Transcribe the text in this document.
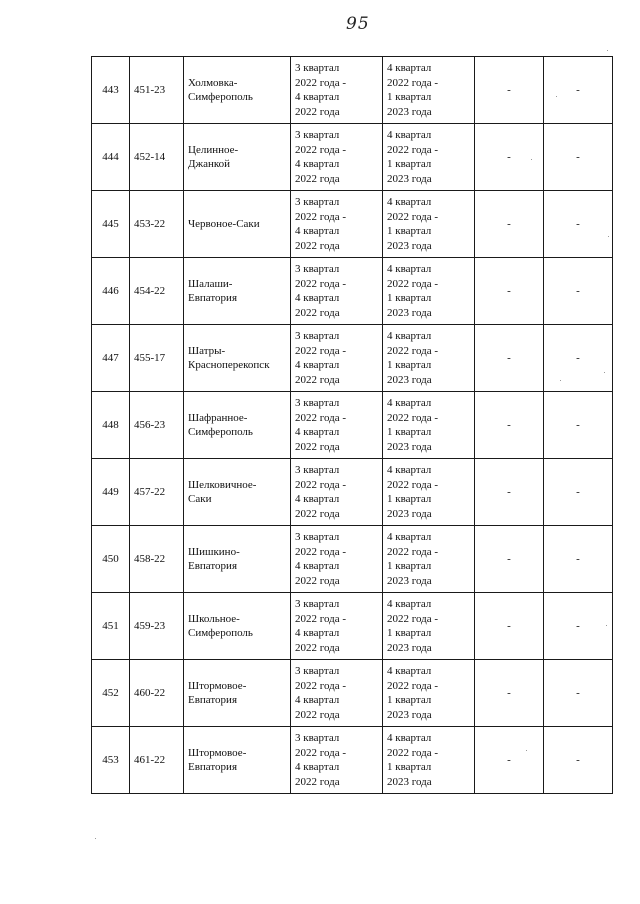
95
443	451-23	Холмовка-
Симферополь	3 квартал
2022 года -
4 квартал
2022 года	4 квартал
2022 года -
1 квартал
2023 года	-	-
444	452-14	Целинное-
Джанкой	3 квартал
2022 года -
4 квартал
2022 года	4 квартал
2022 года -
1 квартал
2023 года	-	-
445	453-22	Червоное-Саки	3 квартал
2022 года -
4 квартал
2022 года	4 квартал
2022 года -
1 квартал
2023 года	-	-
446	454-22	Шалаши-
Евпатория	3 квартал
2022 года -
4 квартал
2022 года	4 квартал
2022 года -
1 квартал
2023 года	-	-
447	455-17	Шатры-
Красноперекопск	3 квартал
2022 года -
4 квартал
2022 года	4 квартал
2022 года -
1 квартал
2023 года	-	-
448	456-23	Шафранное-
Симферополь	3 квартал
2022 года -
4 квартал
2022 года	4 квартал
2022 года -
1 квартал
2023 года	-	-
449	457-22	Шелковичное-
Саки	3 квартал
2022 года -
4 квартал
2022 года	4 квартал
2022 года -
1 квартал
2023 года	-	-
450	458-22	Шишкино-
Евпатория	3 квартал
2022 года -
4 квартал
2022 года	4 квартал
2022 года -
1 квартал
2023 года	-	-
451	459-23	Школьное-
Симферополь	3 квартал
2022 года -
4 квартал
2022 года	4 квартал
2022 года -
1 квартал
2023 года	-	-
452	460-22	Штормовое-
Евпатория	3 квартал
2022 года -
4 квартал
2022 года	4 квартал
2022 года -
1 квартал
2023 года	-	-
453	461-22	Штормовое-
Евпатория	3 квартал
2022 года -
4 квартал
2022 года	4 квартал
2022 года -
1 квартал
2023 года	-	-
